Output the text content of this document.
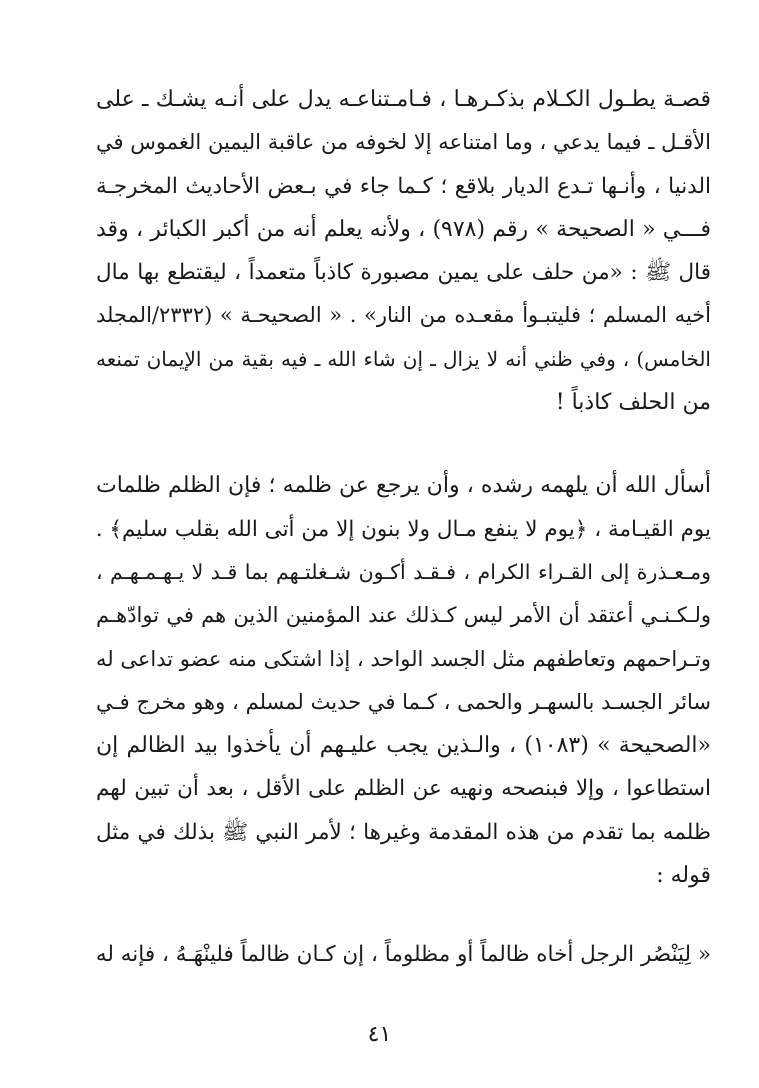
قصـة يطـول الكـلام بذكـرهـا ، فـامـتناعـه يدل على أنـه يشـك ـ على
الأقـل ـ فيما يدعي ، وما امتناعه إلا لخوفه من عاقبة اليمين الغموس في
الدنيا ، وأنـها تـدع الديار بلاقع ؛ كـما جاء في بـعض الأحاديث المخرجـة
فـــي « الصحيحة » رقم (٩٧٨) ، ولأنه يعلم أنه من أكبر الكبائر ، وقد
قال ﷺ : «من حلف على يمين مصبورة كاذباً متعمداً ، ليقتطع بها مال
أخيه المسلم ؛ فليتبـوأ مقعـده من النار» . « الصحيحـة » (٢٣٣٢/المجلد
الخامس) ، وفي ظني أنه لا يزال ـ إن شاء الله ـ فيه بقية من الإيمان تمنعه
من الحلف كاذباً !

أسأل الله أن يلهمه رشده ، وأن يرجع عن ظلمه ؛ فإن الظلم ظلمات
يوم القيـامة ، ﴿يوم لا ينفع مـال ولا بنون إلا من أتى الله بقلب سليم﴾ .
ومـعـذرة إلى القـراء الكرام ، فـقـد أكـون شـغلتـهم بما قـد لا يـهـمـهـم ،
ولـكـنـي أعتقد أن الأمر ليس كـذلك عند المؤمنين الذين هم في توادّهـم
وتـراحمهم وتعاطفهم مثل الجسد الواحد ، إذا اشتكى منه عضو تداعى له
سائر الجسـد بالسهـر والحمى ، كـما في حديث لمسلم ، وهو مخرج فـي
«الصحيحة » (١٠٨٣) ، والـذين يجب عليـهم أن يأخذوا بيد الظالم إن
استطاعوا ، وإلا فبنصحه ونهيه عن الظلم على الأقل ، بعد أن تبين لهم
ظلمه بما تقدم من هذه المقدمة وغيرها ؛ لأمر النبي ﷺ بذلك في مثل
قوله :

« لِيَنْصُر الرجل أخاه ظالماً أو مظلوماً ، إن كـان ظالماً فلينْهَـهُ ، فإنه له

٤١
